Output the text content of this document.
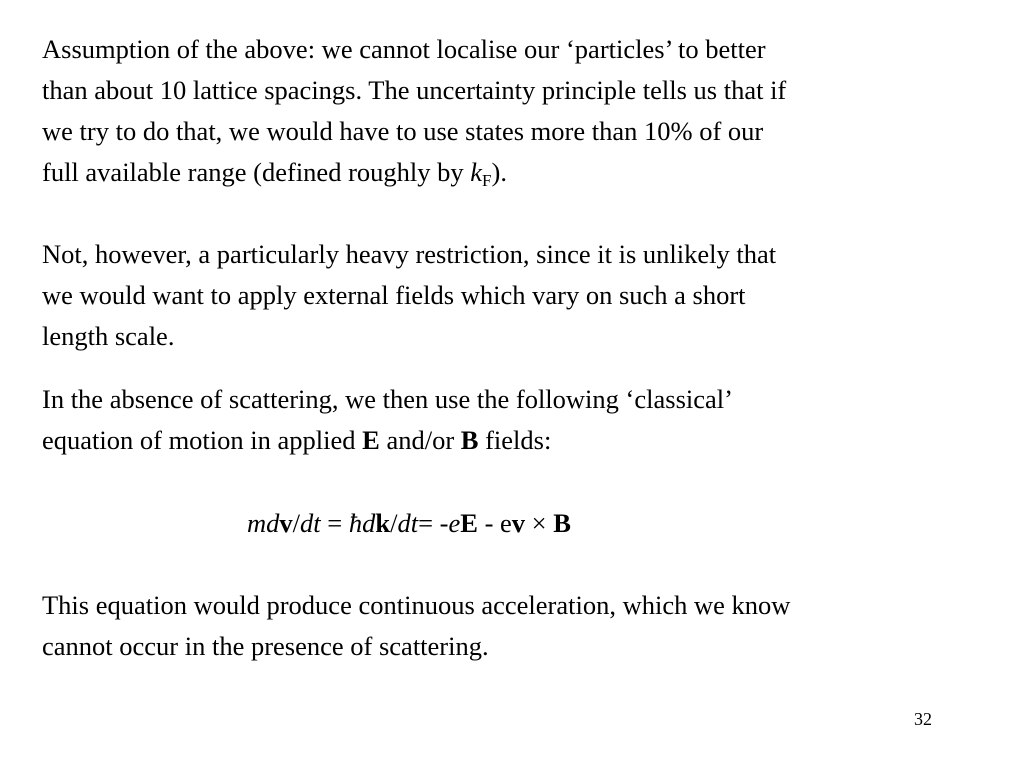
Assumption of the above: we cannot localise our ‘particles’ to better
than about 10 lattice spacings. The uncertainty principle tells us that if
we try to do that, we would have to use states more than 10% of our
full available range (defined roughly by $k_F$).

Not, however, a particularly heavy restriction, since it is unlikely that
we would want to apply external fields which vary on such a short
length scale.

In the absence of scattering, we then use the following ‘classical’
equation of motion in applied E and/or B fields:

mdv/dt = ħdk/dt= -eE - ev × B

This equation would produce continuous acceleration, which we know
cannot occur in the presence of scattering.

32
